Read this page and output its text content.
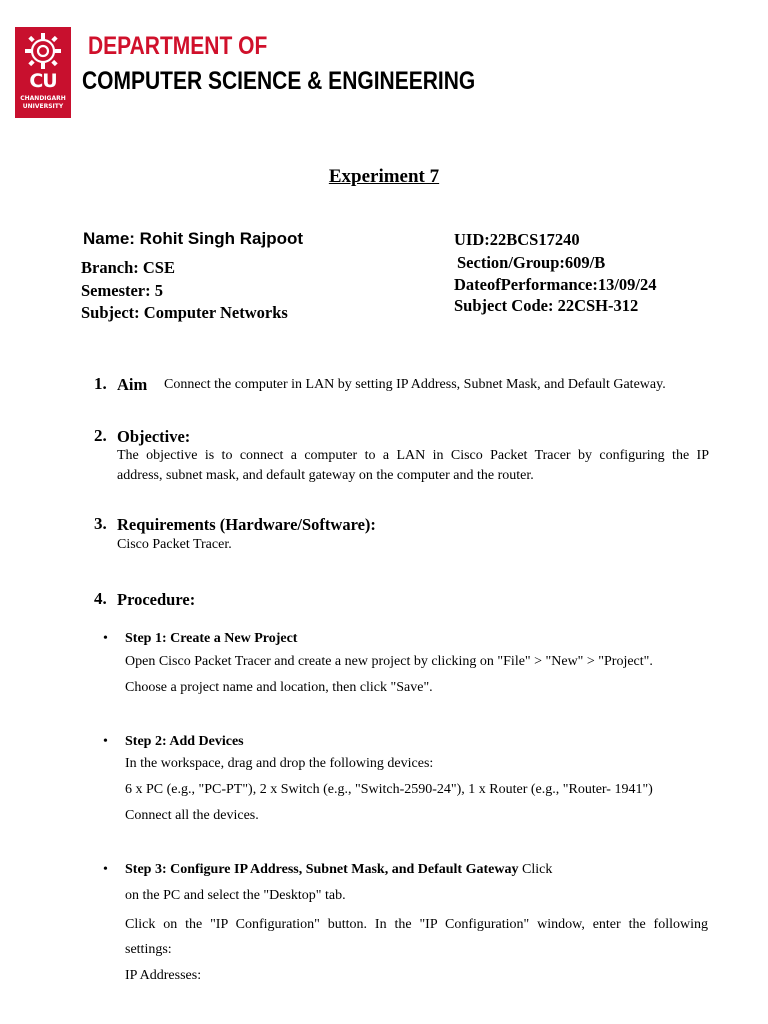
CU
CHANDIGARH
UNIVERSITY
DEPARTMENT OF
COMPUTER SCIENCE & ENGINEERING
Experiment 7
Name: Rohit Singh Rajpoot
Branch: CSE
Semester: 5
Subject: Computer Networks
UID:22BCS17240
Section/Group:609/B
DateofPerformance:13/09/24
Subject Code: 22CSH-312
1. Aim Connect the computer in LAN by setting IP Address, Subnet Mask, and Default Gateway.
2. Objective:
The objective is to connect a computer to a LAN in Cisco Packet Tracer by configuring the IP
address, subnet mask, and default gateway on the computer and the router.
3. Requirements (Hardware/Software):
Cisco Packet Tracer.
4. Procedure:
• Step 1: Create a New Project
Open Cisco Packet Tracer and create a new project by clicking on "File" > "New" > "Project".
Choose a project name and location, then click "Save".
• Step 2: Add Devices
In the workspace, drag and drop the following devices:
6 x PC (e.g., "PC-PT"), 2 x Switch (e.g., "Switch-2590-24"), 1 x Router (e.g., "Router- 1941")
Connect all the devices.
• Step 3: Configure IP Address, Subnet Mask, and Default Gateway Click
on the PC and select the "Desktop" tab.
Click on the "IP Configuration" button. In the "IP Configuration" window, enter the following
settings:
IP Addresses:
